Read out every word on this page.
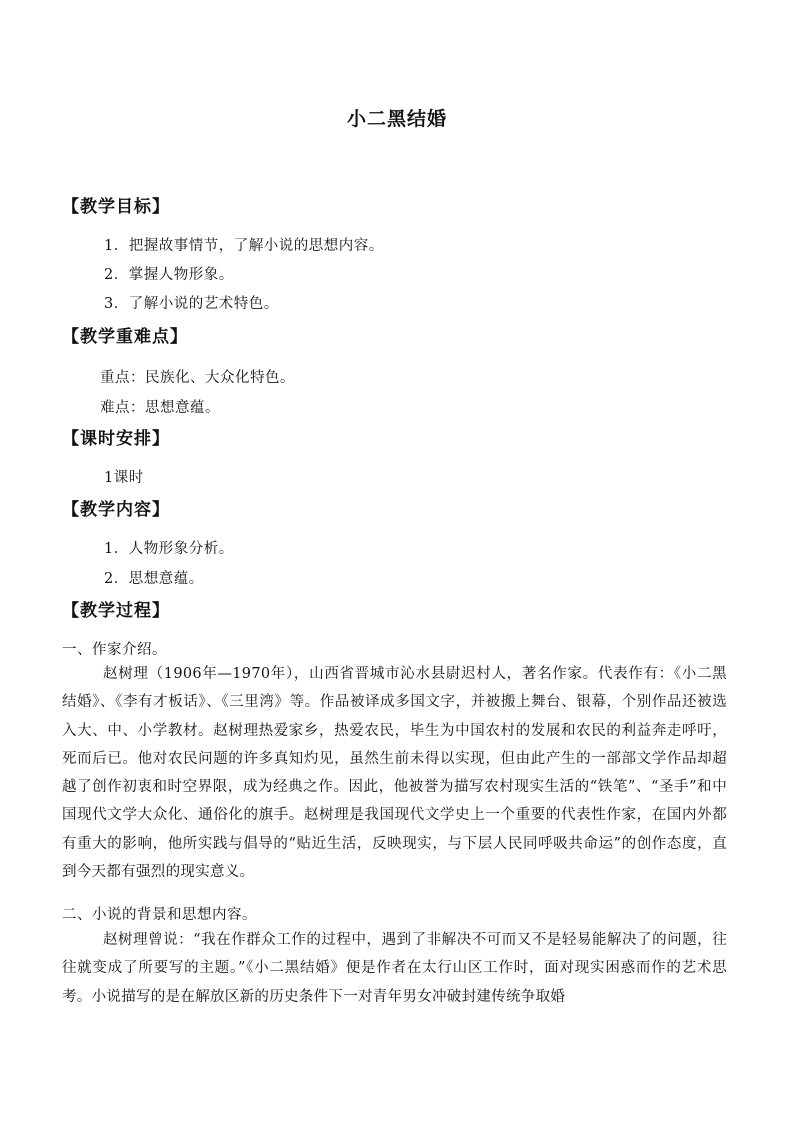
小二黑结婚
【教学目标】
1．把握故事情节，了解小说的思想内容。
2．掌握人物形象。
3．了解小说的艺术特色。
【教学重难点】
重点：民族化、大众化特色。
难点：思想意蕴。
【课时安排】
1课时
【教学内容】
1．人物形象分析。
2．思想意蕴。
【教学过程】
一、作家介绍。
赵树理（1906年—1970年），山西省晋城市沁水县尉迟村人，著名作家。代表作有：《小二黑结婚》、《李有才板话》、《三里湾》等。作品被译成多国文字，并被搬上舞台、银幕，个别作品还被选入大、中、小学教材。赵树理热爱家乡，热爱农民，毕生为中国农村的发展和农民的利益奔走呼吁，死而后已。他对农民问题的许多真知灼见，虽然生前未得以实现，但由此产生的一部部文学作品却超越了创作初衷和时空界限，成为经典之作。因此，他被誉为描写农村现实生活的“铁笔”、“圣手”和中国现代文学大众化、通俗化的旗手。赵树理是我国现代文学史上一个重要的代表性作家，在国内外都有重大的影响，他所实践与倡导的“贴近生活，反映现实，与下层人民同呼吸共命运”的创作态度，直到今天都有强烈的现实意义。
二、小说的背景和思想内容。
赵树理曾说：“我在作群众工作的过程中，遇到了非解决不可而又不是轻易能解决了的问题，往往就变成了所要写的主题。”《小二黑结婚》便是作者在太行山区工作时，面对现实困惑而作的艺术思考。小说描写的是在解放区新的历史条件下一对青年男女冲破封建传统争取婚
